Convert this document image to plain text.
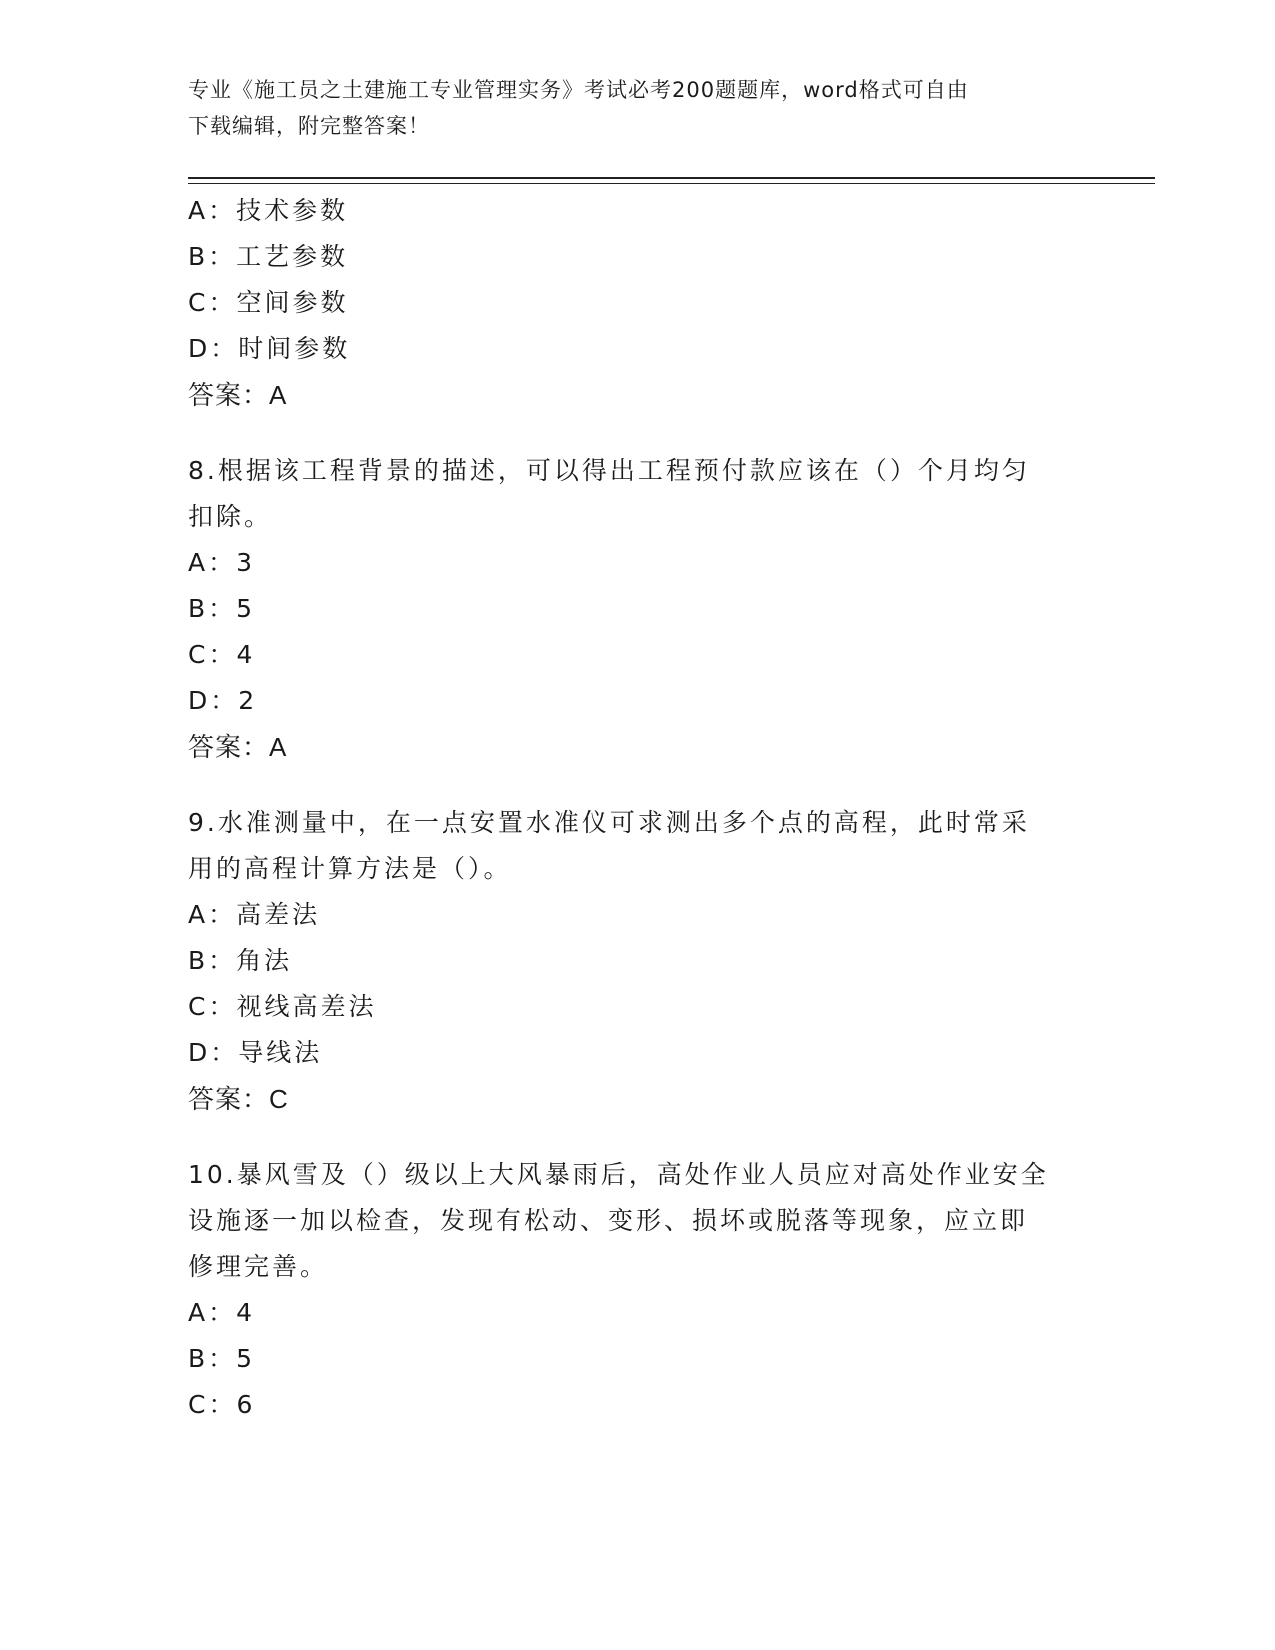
专业《施工员之土建施工专业管理实务》考试必考200题题库，word格式可自由
下载编辑，附完整答案！
A：技术参数
B：工艺参数
C：空间参数
D：时间参数
答案：A
8.根据该工程背景的描述，可以得出工程预付款应该在（）个月均匀
扣除。
A：3
B：5
C：4
D：2
答案：A
9.水准测量中，在一点安置水准仪可求测出多个点的高程，此时常采
用的高程计算方法是（）。
A：高差法
B：角法
C：视线高差法
D：导线法
答案：C
10.暴风雪及（）级以上大风暴雨后，高处作业人员应对高处作业安全
设施逐一加以检查，发现有松动、变形、损坏或脱落等现象，应立即
修理完善。
A：4
B：5
C：6
